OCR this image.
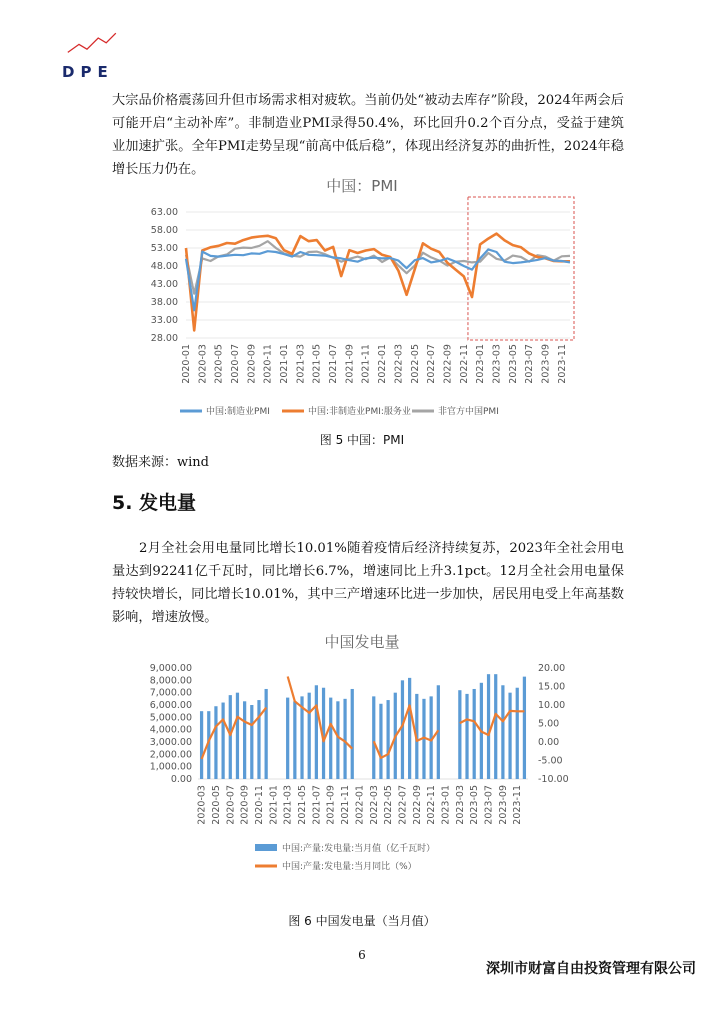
DPE
大宗品价格震荡回升但市场需求相对疲软。当前仍处“被动去库存”阶段，2024年两会后可能开启“主动补库”。非制造业PMI录得50.4%，环比回升0.2个百分点，受益于建筑业加速扩张。全年PMI走势呈现“前高中低后稳”，体现出经济复苏的曲折性，2024年稳增长压力仍在。
中国：PMI
28.00
33.00
38.00
43.00
48.00
53.00
58.00
63.00
2020-01 2020-03 2020-05 2020-07 2020-09 2020-11 2021-01 2021-03 2021-05 2021-07 2021-09 2021-11 2022-01 2022-03 2022-05 2022-07 2022-09 2022-11 2023-01 2023-03 2023-05 2023-07 2023-09 2023-11
中国:制造业PMI	中国:非制造业PMI:服务业	非官方中国PMI
图 5 中国：PMI
数据来源：wind
5. 发电量
2月全社会用电量同比增长10.01%随着疫情后经济持续复苏，2023年全社会用电量达到92241亿千瓦时，同比增长6.7%，增速同比上升3.1pct。12月全社会用电量保持较快增长，同比增长10.01%，其中三产增速环比进一步加快，居民用电受上年高基数影响，增速放慢。
中国发电量
0.00
1,000.00
2,000.00
3,000.00
4,000.00
5,000.00
6,000.00
7,000.00
8,000.00
9,000.00
-10.00
-5.00
0.00
5.00
10.00
15.00
20.00
2020-03 2020-05 2020-07 2020-09 2020-11 2021-01 2021-03 2021-05 2021-07 2021-09 2021-11 2022-01 2022-03 2022-05 2022-07 2022-09 2022-11 2023-01 2023-03 2023-05 2023-07 2023-09 2023-11
中国:产量:发电量:当月值（亿千瓦时）
中国:产量:发电量:当月同比（%）
图 6 中国发电量（当月值）
6
深圳市财富自由投资管理有限公司
